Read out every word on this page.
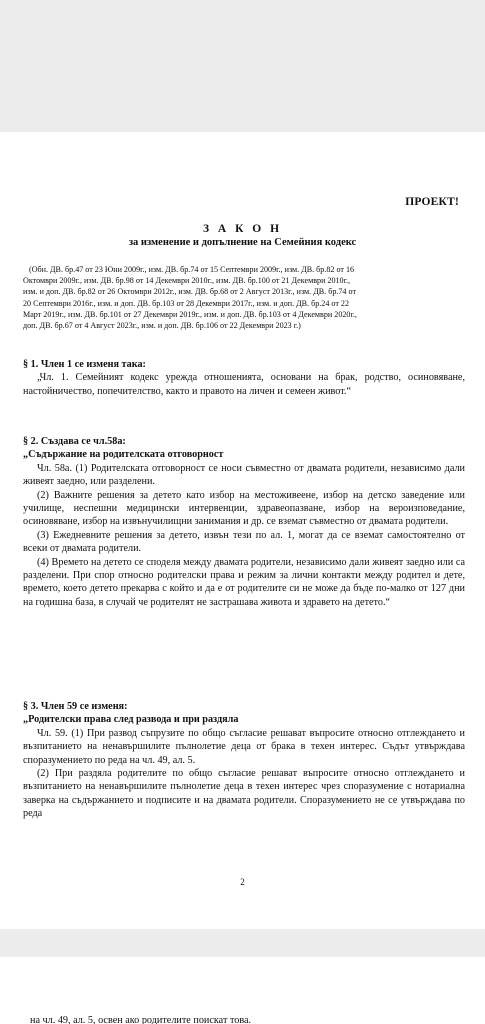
ПРОЕКТ!
З А К О Н
за изменение и допълнение на Семейния кодекс
(Обн. ДВ. бр.47 от 23 Юни 2009г., изм. ДВ. бр.74 от 15 Септември 2009г., изм. ДВ. бр.82 от 16
Октомври 2009г., изм. ДВ. бр.98 от 14 Декември 2010г., изм. ДВ. бр.100 от 21 Декември 2010г.,
изм. и доп. ДВ. бр.82 от 26 Октомври 2012г., изм. ДВ. бр.68 от 2 Август 2013г., изм. ДВ. бр.74 от
20 Септември 2016г., изм. и доп. ДВ. бр.103 от 28 Декември 2017г., изм. и доп. ДВ. бр.24 от 22
Март 2019г., изм. ДВ. бр.101 от 27 Декември 2019г., изм. и доп. ДВ. бр.103 от 4 Декември 2020г.,
доп. ДВ. бр.67 от 4 Август 2023г., изм. и доп. ДВ. бр.106 от 22 Декември 2023 г.)
§ 1. Член 1 се изменя така:

„Чл. 1. Семейният кодекс урежда отношенията, основани на брак, родство, осиновяване, настойничество, попечителство, както и правото на личен и семеен живот.“

§ 2. Създава се чл.58а:
„Съдържание на родителската отговорност

Чл. 58а. (1) Родителската отговорност се носи съвместно от двамата родители, независимо дали живеят заедно, или разделени.

(2) Важните решения за детето като избор на местоживеене, избор на детско заведение или училище, неспешни медицински интервенции, здравеопазване, избор на вероизповедание, осиновяване, избор на извънучилищни занимания и др. се вземат съвместно от двамата родители.

(3) Ежедневните решения за детето, извън тези по ал. 1, могат да се вземат самостоятелно от всеки от двамата родители.

(4) Времето на детето се споделя между двамата родители, независимо дали живеят заедно или са разделени. При спор относно родителски права и режим за лични контакти между родител и дете, времето, което детето прекарва с който и да е от родителите си не може да бъде по-малко от 127 дни на годишна база, в случай че родителят не застрашава живота и здравето на детето.“

§ 3. Член 59 се изменя:
„Родителски права след развода и при раздяла

Чл. 59. (1) При развод съпрузите по общо съгласие решават въпросите относно отглеждането и възпитанието на ненавършилите пълнолетие деца от брака в техен интерес. Съдът утвърждава споразумението по реда на чл. 49, ал. 5.

(2) При раздяла родителите по общо съгласие решават въпросите относно отглеждането и възпитанието на ненавършилите пълнолетие деца в техен интерес чрез споразумение с нотариална заверка на съдържанието и подписите и на двамата родители. Споразумението не се утвърждава по реда

2
на чл. 49, ал. 5, освен ако родителите поискат това.
